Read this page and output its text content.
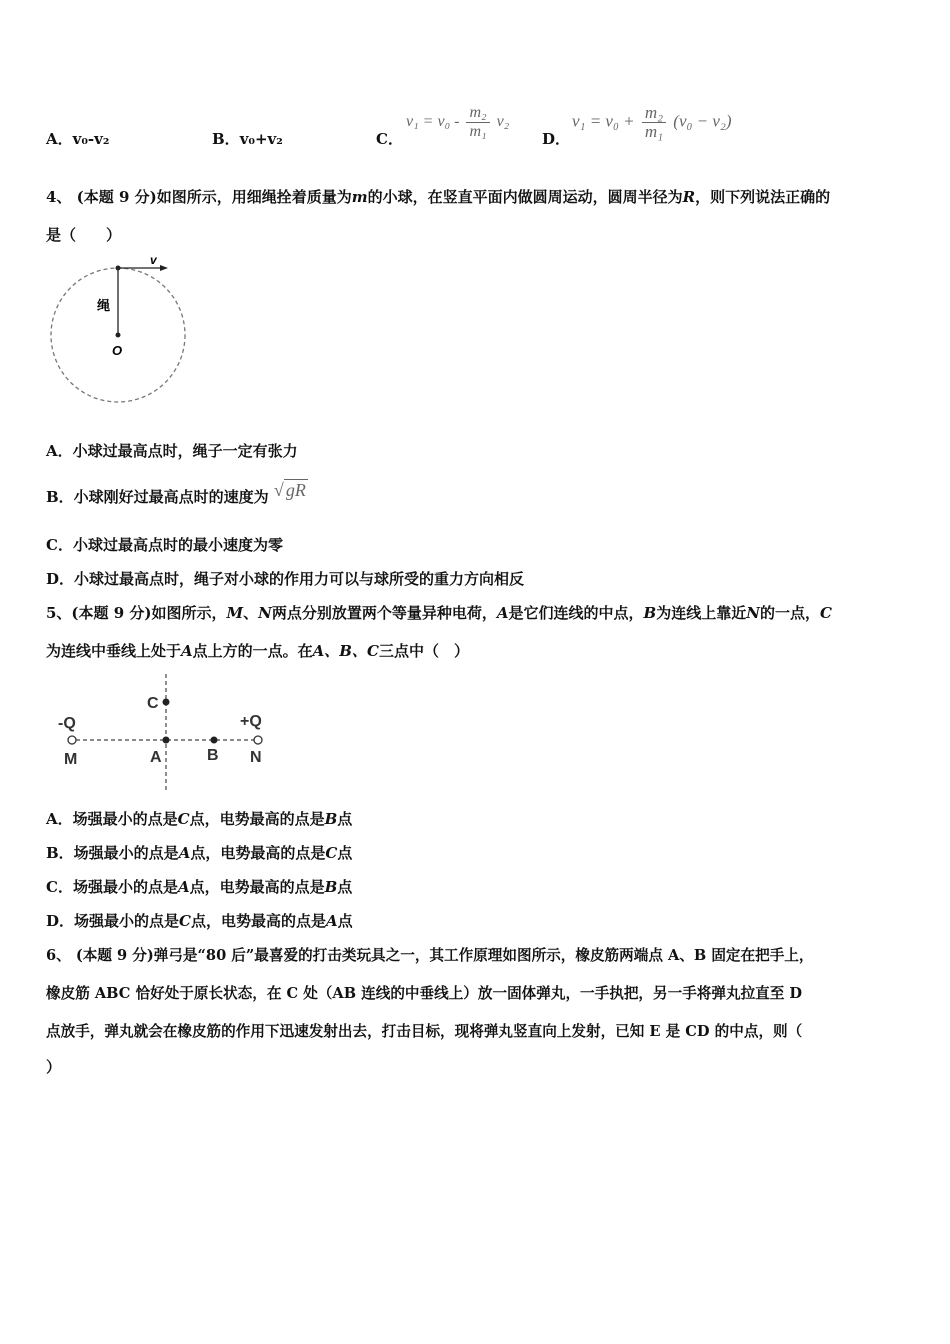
A．v₀-v₂	B．v₀+v₂	C．
$v_1 = v_0 - \frac{\text{m₂}}{\text{m₁}} v_2$
D．
$v_1 = v_0 + \frac{\text{m₂}}{\text{m₁}} (v_0 - v_2)$
4、 (本题 9 分)如图所示，用细绳拴着质量为m的小球，在竖直平面内做圆周运动，圆周半径为R，则下列说法正确的
是（　　）
v
绳
O
A．小球过最高点时，绳子一定有张力
B．小球刚好过最高点时的速度为 √ gR
C．小球过最高点时的最小速度为零
D．小球过最高点时，绳子对小球的作用力可以与球所受的重力方向相反
5、(本题 9 分)如图所示，M、N两点分别放置两个等量异种电荷，A是它们连线的中点，B为连线上靠近N的一点，C
为连线中垂线上处于A点上方的一点。在A、B、C三点中（　）
-Q	+Q
M	A	B N
C
A．场强最小的点是C点，电势最高的点是B点
B．场强最小的点是A点，电势最高的点是C点
C．场强最小的点是A点，电势最高的点是B点
D．场强最小的点是C点，电势最高的点是A点
6、 (本题 9 分)弹弓是“80 后”最喜爱的打击类玩具之一，其工作原理如图所示，橡皮筋两端点 A、B 固定在把手上，
橡皮筋 ABC 恰好处于原长状态，在 C 处（AB 连线的中垂线上）放一固体弹丸，一手执把，另一手将弹丸拉直至 D
点放手，弹丸就会在橡皮筋的作用下迅速发射出去，打击目标，现将弹丸竖直向上发射，已知 E 是 CD 的中点，则（
）
